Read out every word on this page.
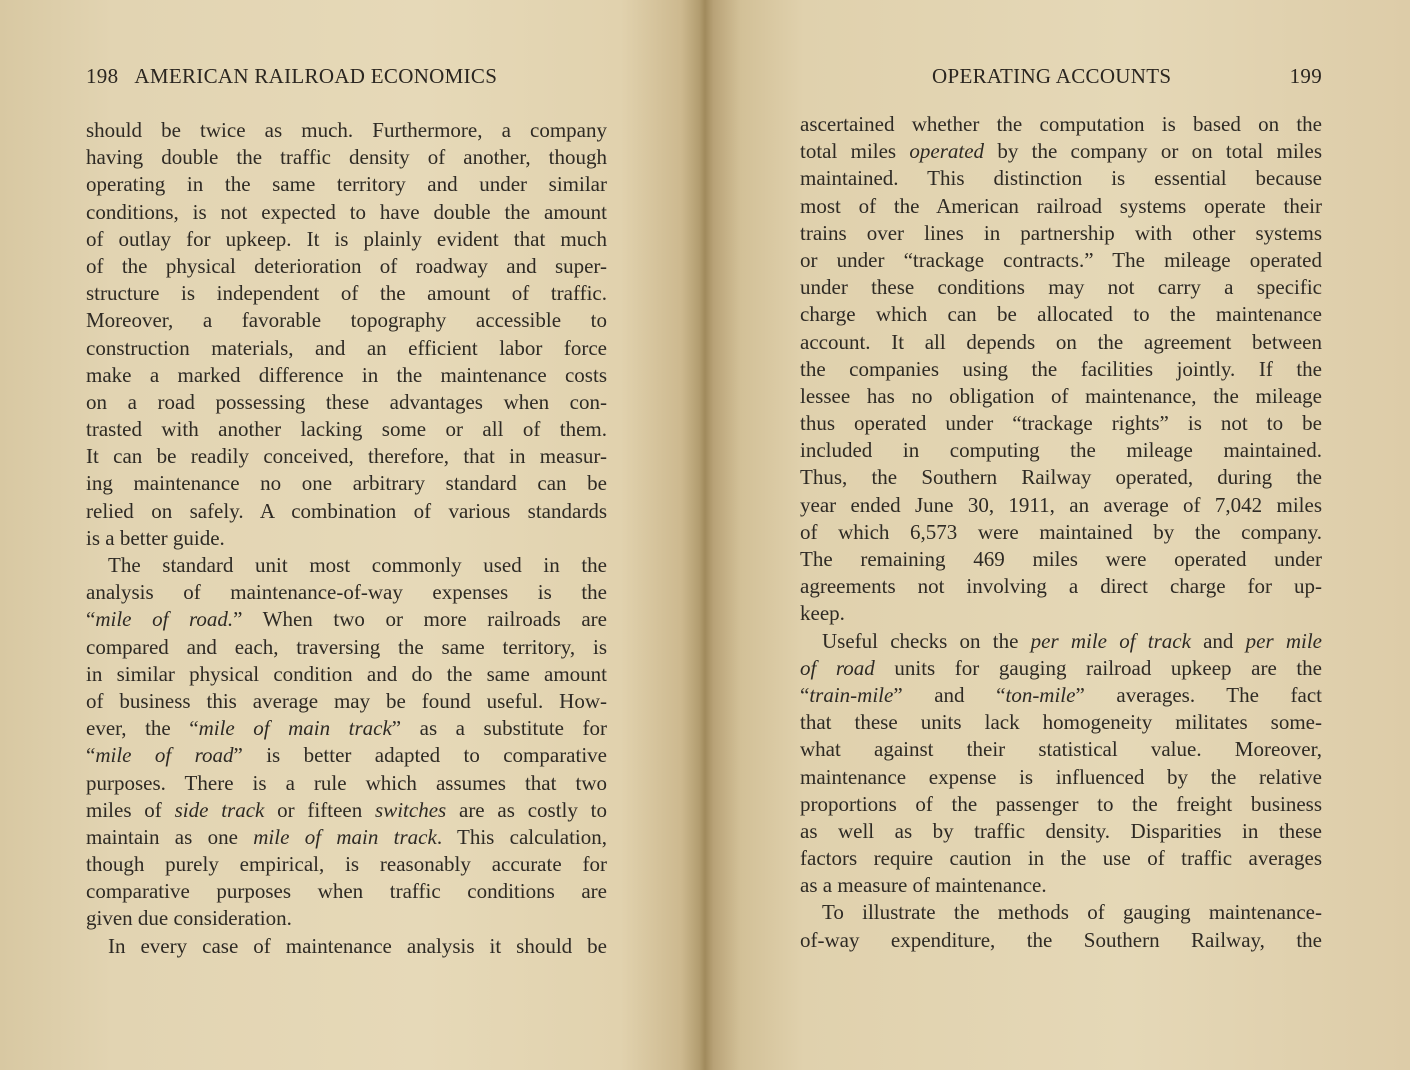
198 AMERICAN RAILROAD ECONOMICS
should be twice as much. Furthermore, a company
having double the traffic density of another, though
operating in the same territory and under similar
conditions, is not expected to have double the amount
of outlay for upkeep. It is plainly evident that much
of the physical deterioration of roadway and super-
structure is independent of the amount of traffic.
Moreover, a favorable topography accessible to
construction materials, and an efficient labor force
make a marked difference in the maintenance costs
on a road possessing these advantages when con-
trasted with another lacking some or all of them.
It can be readily conceived, therefore, that in measur-
ing maintenance no one arbitrary standard can be
relied on safely. A combination of various standards
is a better guide.
The standard unit most commonly used in the
analysis of maintenance-of-way expenses is the
“mile of road.” When two or more railroads are
compared and each, traversing the same territory, is
in similar physical condition and do the same amount
of business this average may be found useful. How-
ever, the “mile of main track” as a substitute for
“mile of road” is better adapted to comparative
purposes. There is a rule which assumes that two
miles of side track or fifteen switches are as costly to
maintain as one mile of main track. This calculation,
though purely empirical, is reasonably accurate for
comparative purposes when traffic conditions are
given due consideration.
In every case of maintenance analysis it should be
OPERATING ACCOUNTS	199
ascertained whether the computation is based on the
total miles operated by the company or on total miles
maintained. This distinction is essential because
most of the American railroad systems operate their
trains over lines in partnership with other systems
or under “trackage contracts.” The mileage operated
under these conditions may not carry a specific
charge which can be allocated to the maintenance
account. It all depends on the agreement between
the companies using the facilities jointly. If the
lessee has no obligation of maintenance, the mileage
thus operated under “trackage rights” is not to be
included in computing the mileage maintained.
Thus, the Southern Railway operated, during the
year ended June 30, 1911, an average of 7,042 miles
of which 6,573 were maintained by the company.
The remaining 469 miles were operated under
agreements not involving a direct charge for up-
keep.
Useful checks on the per mile of track and per mile
of road units for gauging railroad upkeep are the
“train-mile” and “ton-mile” averages. The fact
that these units lack homogeneity militates some-
what against their statistical value. Moreover,
maintenance expense is influenced by the relative
proportions of the passenger to the freight business
as well as by traffic density. Disparities in these
factors require caution in the use of traffic averages
as a measure of maintenance.
To illustrate the methods of gauging maintenance-
of-way expenditure, the Southern Railway, the
